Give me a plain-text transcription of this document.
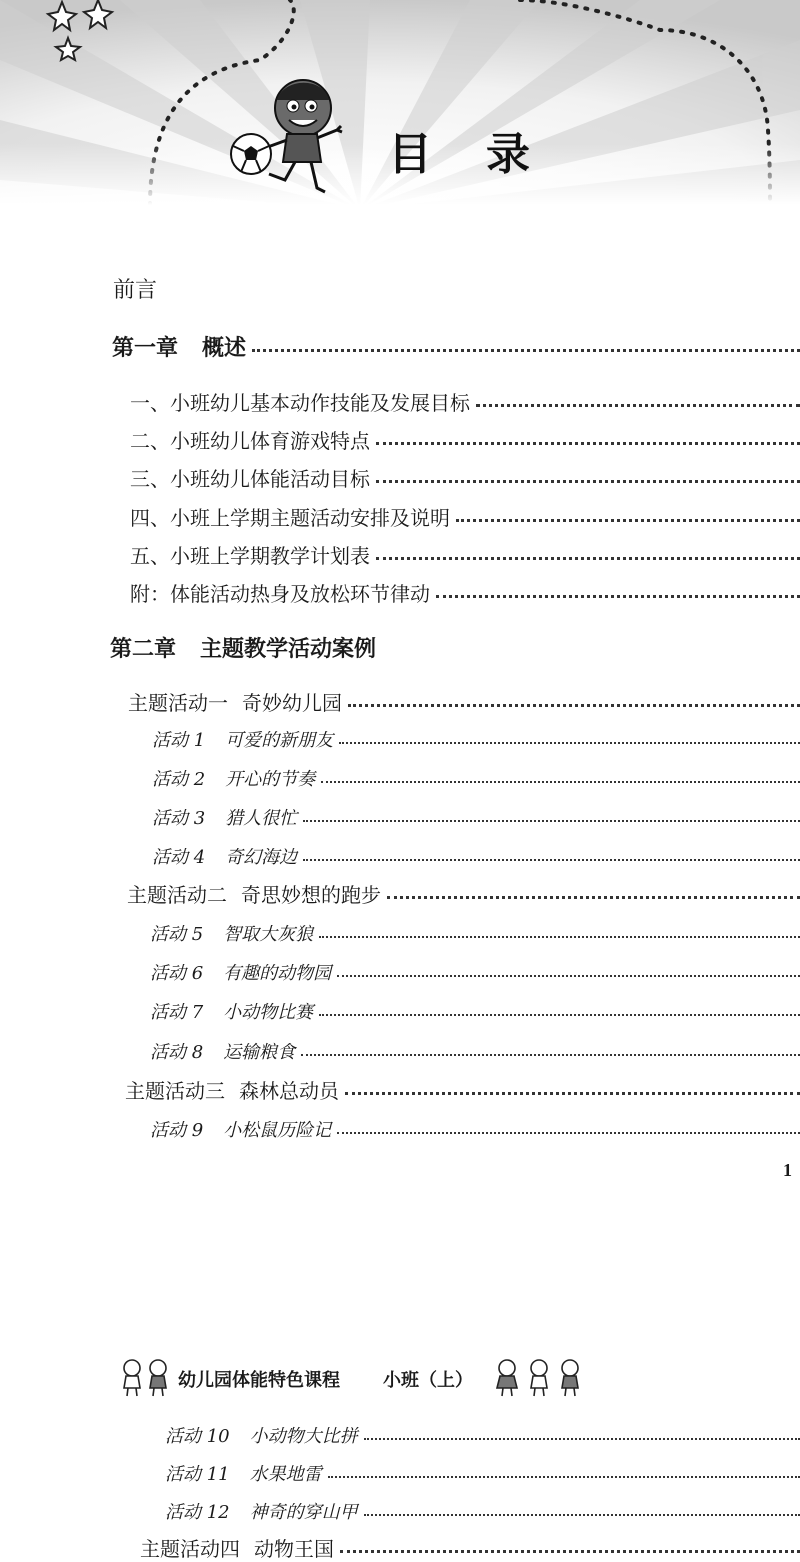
目 录
前言
第一章 概述
一、小班幼儿基本动作技能及发展目标
二、小班幼儿体育游戏特点
三、小班幼儿体能活动目标
四、小班上学期主题活动安排及说明
五、小班上学期教学计划表
附：体能活动热身及放松环节律动
第二章 主题教学活动案例
主题活动一 奇妙幼儿园
活动 1 可爱的新朋友
活动 2 开心的节奏
活动 3 猎人很忙
活动 4 奇幻海边
主题活动二 奇思妙想的跑步
活动 5 智取大灰狼
活动 6 有趣的动物园
活动 7 小动物比赛
活动 8 运输粮食
主题活动三 森林总动员
活动 9 小松鼠历险记
1
幼儿园体能特色课程 小班（上）
活动 10 小动物大比拼
活动 11 水果地雷
活动 12 神奇的穿山甲
主题活动四 动物王国
